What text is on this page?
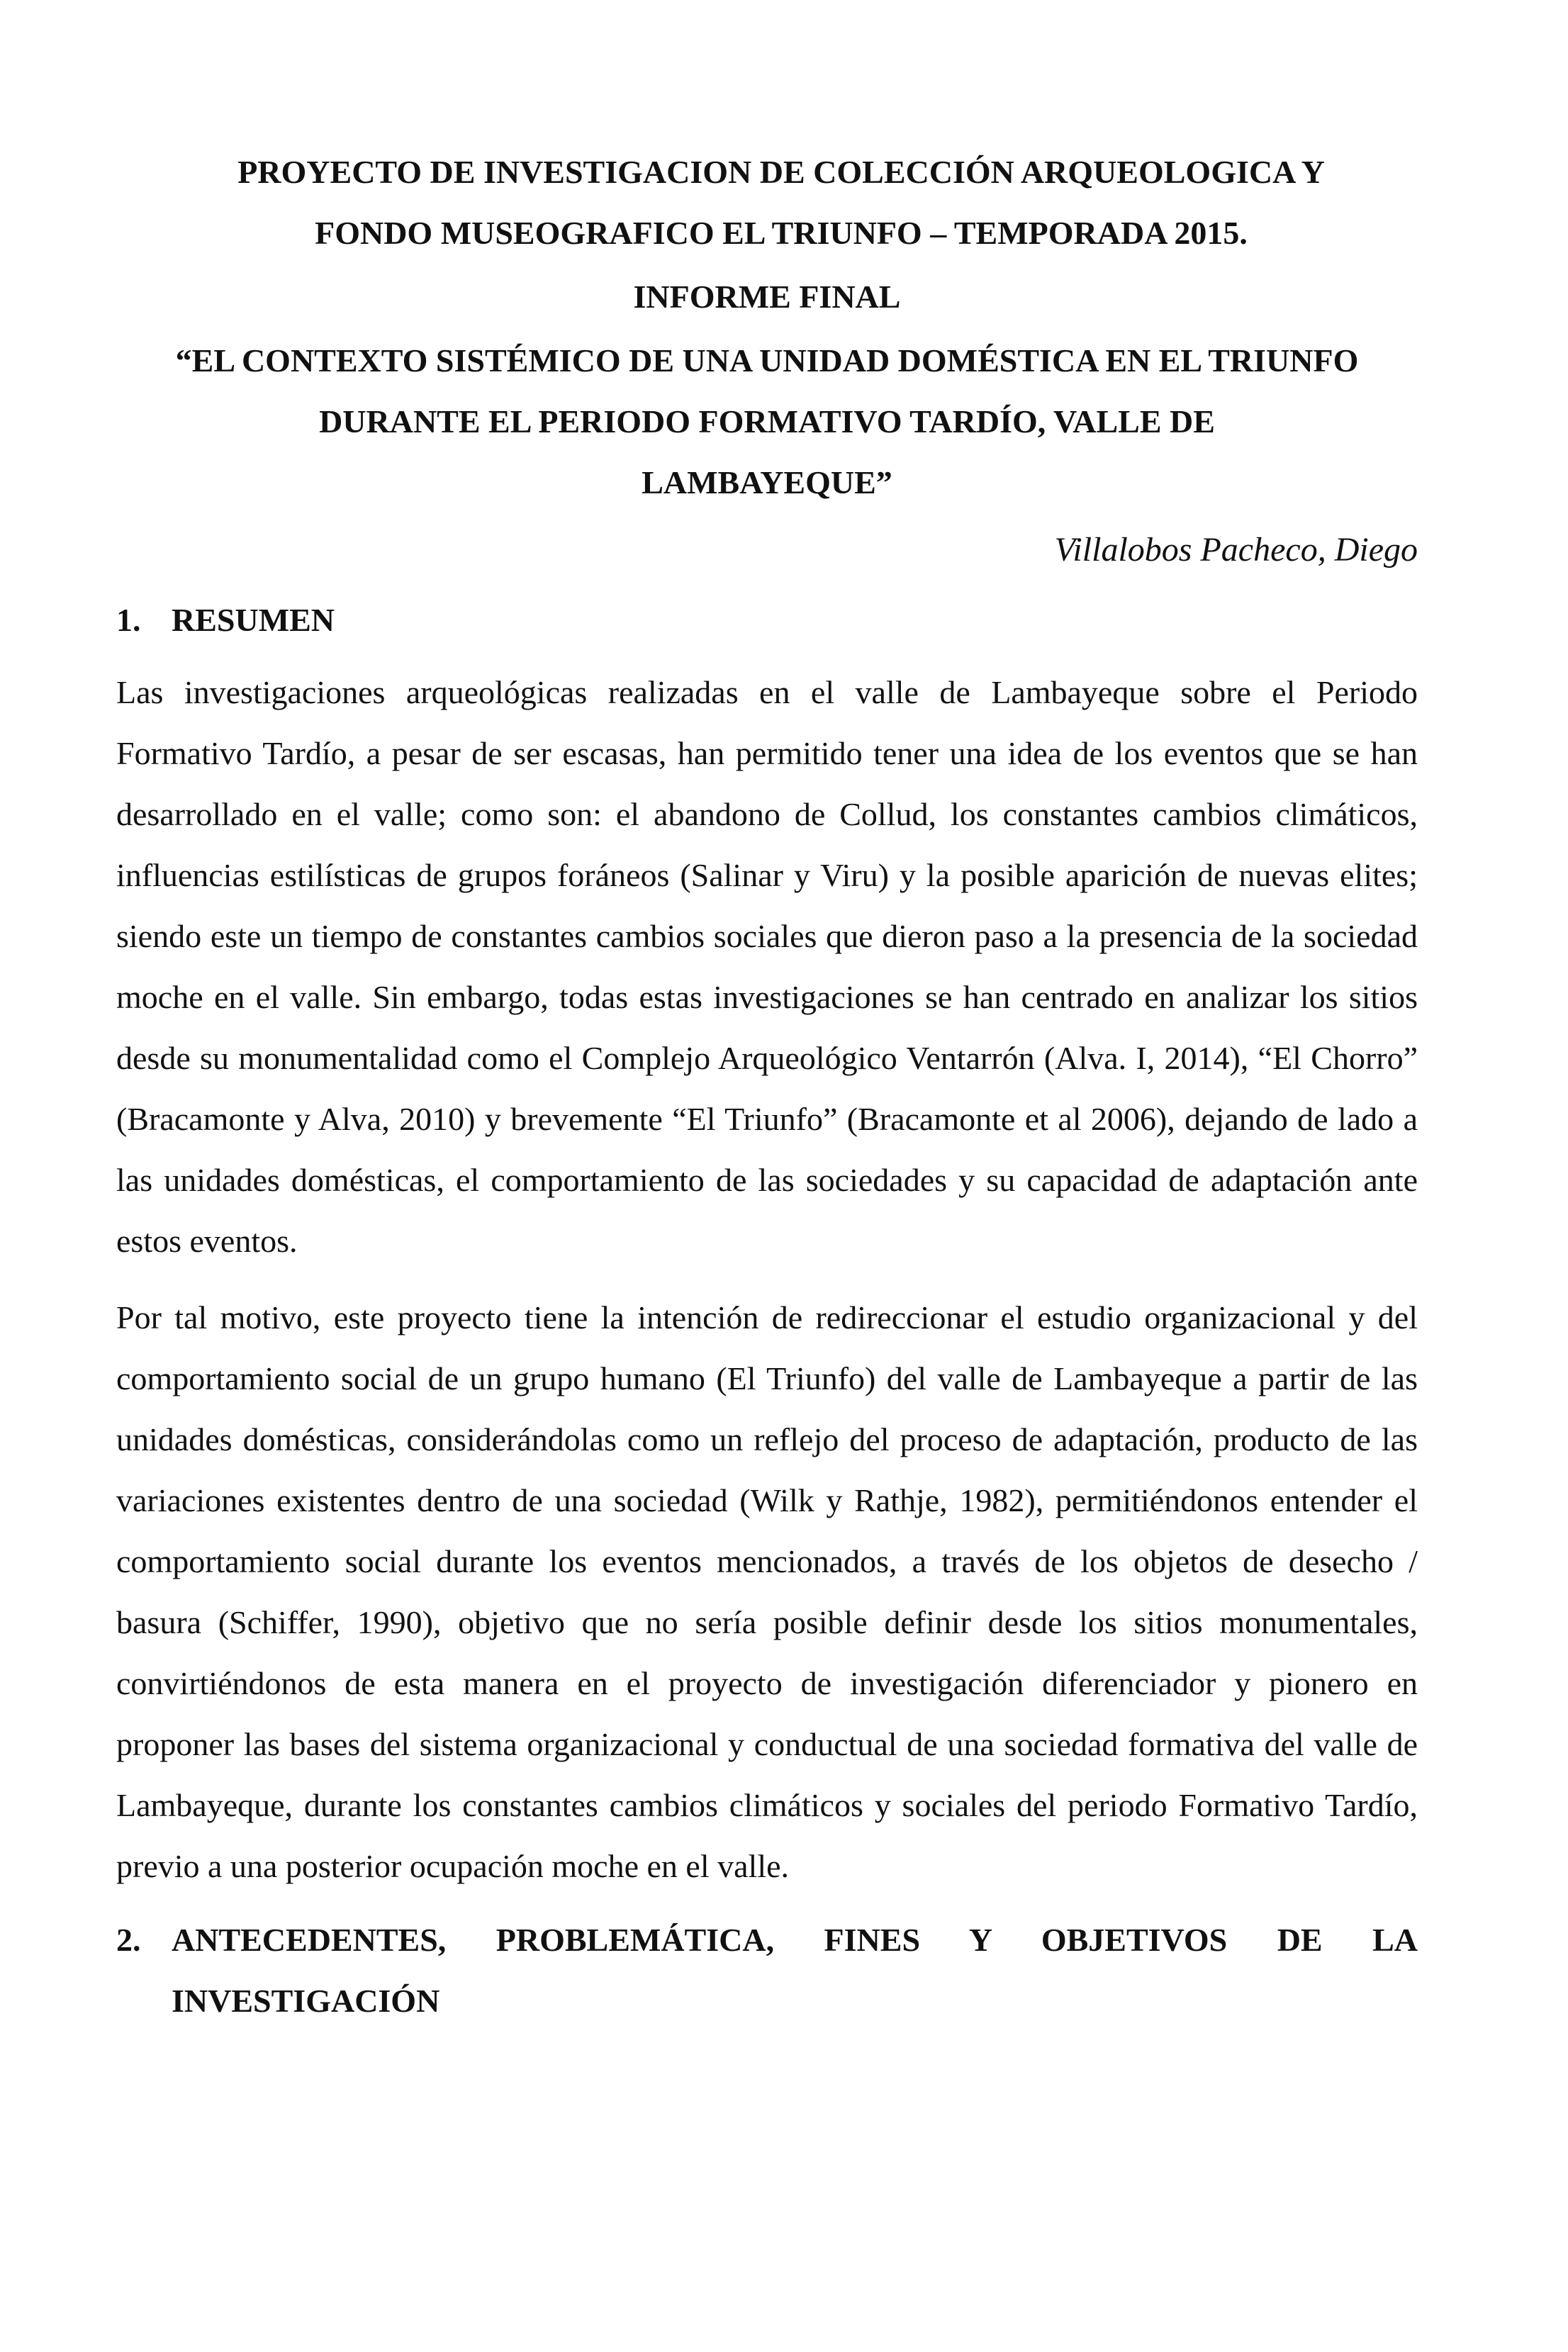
PROYECTO DE INVESTIGACION DE COLECCIÓN ARQUEOLOGICA Y
FONDO MUSEOGRAFICO EL TRIUNFO – TEMPORADA 2015.
INFORME FINAL
“EL CONTEXTO SISTÉMICO DE UNA UNIDAD DOMÉSTICA EN EL TRIUNFO
DURANTE EL PERIODO FORMATIVO TARDÍO, VALLE DE
LAMBAYEQUE”
Villalobos Pacheco, Diego
1. RESUMEN

Las investigaciones arqueológicas realizadas en el valle de Lambayeque sobre el Periodo Formativo Tardío, a pesar de ser escasas, han permitido tener una idea de los eventos que se han desarrollado en el valle; como son: el abandono de Collud, los constantes cambios climáticos, influencias estilísticas de grupos foráneos (Salinar y Viru) y la posible aparición de nuevas elites; siendo este un tiempo de constantes cambios sociales que dieron paso a la presencia de la sociedad moche en el valle. Sin embargo, todas estas investigaciones se han centrado en analizar los sitios desde su monumentalidad como el Complejo Arqueológico Ventarrón (Alva. I, 2014), “El Chorro” (Bracamonte y Alva, 2010) y brevemente “El Triunfo” (Bracamonte et al 2006), dejando de lado a las unidades domésticas, el comportamiento de las sociedades y su capacidad de adaptación ante estos eventos.

Por tal motivo, este proyecto tiene la intención de redireccionar el estudio organizacional y del comportamiento social de un grupo humano (El Triunfo) del valle de Lambayeque a partir de las unidades domésticas, considerándolas como un reflejo del proceso de adaptación, producto de las variaciones existentes dentro de una sociedad (Wilk y Rathje, 1982), permitiéndonos entender el comportamiento social durante los eventos mencionados, a través de los objetos de desecho / basura (Schiffer, 1990), objetivo que no sería posible definir desde los sitios monumentales, convirtiéndonos de esta manera en el proyecto de investigación diferenciador y pionero en proponer las bases del sistema organizacional y conductual de una sociedad formativa del valle de Lambayeque, durante los constantes cambios climáticos y sociales del periodo Formativo Tardío, previo a una posterior ocupación moche en el valle.

2. ANTECEDENTES, PROBLEMÁTICA, FINES Y OBJETIVOS DE LA INVESTIGACIÓN
